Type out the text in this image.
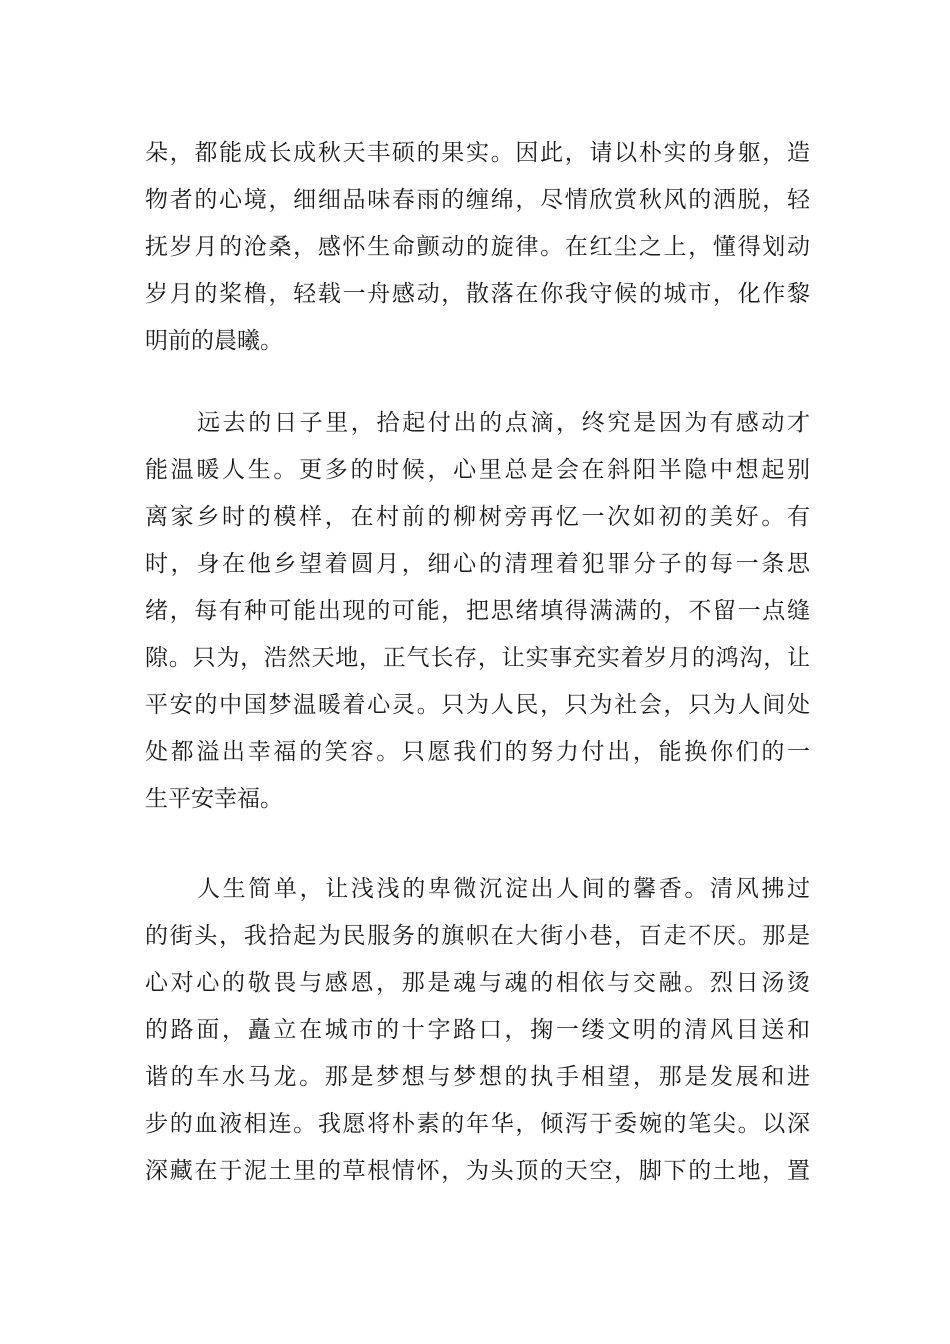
朵，都能成长成秋天丰硕的果实。因此，请以朴实的身躯，造
物者的心境，细细品味春雨的缠绵，尽情欣赏秋风的洒脱，轻
抚岁月的沧桑，感怀生命颤动的旋律。在红尘之上，懂得划动
岁月的桨橹，轻载一舟感动，散落在你我守候的城市，化作黎
明前的晨曦。
远去的日子里，拾起付出的点滴，终究是因为有感动才
能温暖人生。更多的时候，心里总是会在斜阳半隐中想起别
离家乡时的模样，在村前的柳树旁再忆一次如初的美好。有
时，身在他乡望着圆月，细心的清理着犯罪分子的每一条思
绪，每有种可能出现的可能，把思绪填得满满的，不留一点缝
隙。只为，浩然天地，正气长存，让实事充实着岁月的鸿沟，让
平安的中国梦温暖着心灵。只为人民，只为社会，只为人间处
处都溢出幸福的笑容。只愿我们的努力付出，能换你们的一
生平安幸福。
人生简单，让浅浅的卑微沉淀出人间的馨香。清风拂过
的街头，我拾起为民服务的旗帜在大街小巷，百走不厌。那是
心对心的敬畏与感恩，那是魂与魂的相依与交融。烈日汤烫
的路面，矗立在城市的十字路口，掬一缕文明的清风目送和
谐的车水马龙。那是梦想与梦想的执手相望，那是发展和进
步的血液相连。我愿将朴素的年华，倾泻于委婉的笔尖。以深
深藏在于泥土里的草根情怀，为头顶的天空，脚下的土地，置
